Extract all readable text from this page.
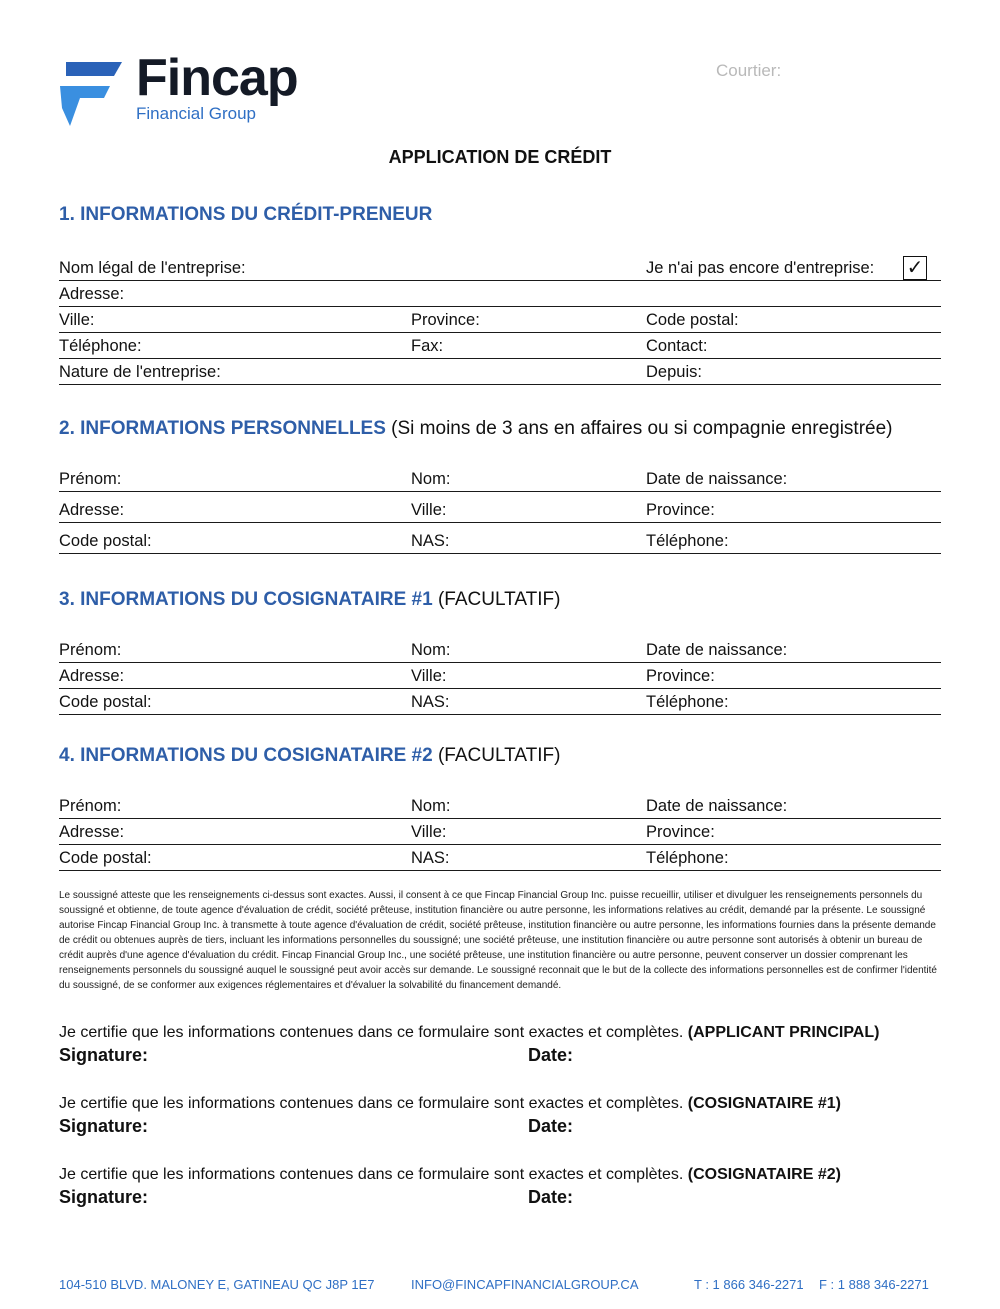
Fincap
Financial Group
Courtier:
APPLICATION DE CRÉDIT
1. INFORMATIONS DU CRÉDIT-PRENEUR
Nom légal de l'entreprise:	Je n'ai pas encore d'entreprise: ✓
Adresse:
Ville:	Province:	Code postal:
Téléphone:	Fax:	Contact:
Nature de l'entreprise:	Depuis:
2. INFORMATIONS PERSONNELLES (Si moins de 3 ans en affaires ou si compagnie enregistrée)
Prénom:	Nom:	Date de naissance:
Adresse:	Ville:	Province:
Code postal:	NAS:	Téléphone:
3. INFORMATIONS DU COSIGNATAIRE #1 (FACULTATIF)
Prénom:	Nom:	Date de naissance:
Adresse:	Ville:	Province:
Code postal:	NAS:	Téléphone:
4. INFORMATIONS DU COSIGNATAIRE #2 (FACULTATIF)
Prénom:	Nom:	Date de naissance:
Adresse:	Ville:	Province:
Code postal:	NAS:	Téléphone:
Le soussigné atteste que les renseignements ci-dessus sont exactes. Aussi, il consent à ce que Fincap Financial Group Inc. puisse recueillir, utiliser et divulguer les renseignements personnels du soussigné et obtienne, de toute agence d'évaluation de crédit, société prêteuse, institution financière ou autre personne, les informations relatives au crédit, demandé par la présente. Le soussigné autorise Fincap Financial Group Inc. à transmette à toute agence d'évaluation de crédit, société prêteuse, institution financière ou autre personne, les informations fournies dans la présente demande de crédit ou obtenues auprès de tiers, incluant les informations personnelles du soussigné; une société prêteuse, une institution financière ou autre personne sont autorisés à obtenir un bureau de crédit auprès d'une agence d'évaluation du crédit. Fincap Financial Group Inc., une société prêteuse, une institution financière ou autre personne, peuvent conserver un dossier comprenant les renseignements personnels du soussigné auquel le soussigné peut avoir accès sur demande. Le soussigné reconnait que le but de la collecte des informations personnelles est de confirmer l'identité du soussigné, de se conformer aux exigences réglementaires et d'évaluer la solvabilité du financement demandé.
Je certifie que les informations contenues dans ce formulaire sont exactes et complètes. (APPLICANT PRINCIPAL)
Signature:	Date:
Je certifie que les informations contenues dans ce formulaire sont exactes et complètes. (COSIGNATAIRE #1)
Signature:	Date:
Je certifie que les informations contenues dans ce formulaire sont exactes et complètes. (COSIGNATAIRE #2)
Signature:	Date:
104-510 BLVD. MALONEY E, GATINEAU QC J8P 1E7	INFO@FINCAPFINANCIALGROUP.CA	T : 1 866 346-2271 F : 1 888 346-2271
